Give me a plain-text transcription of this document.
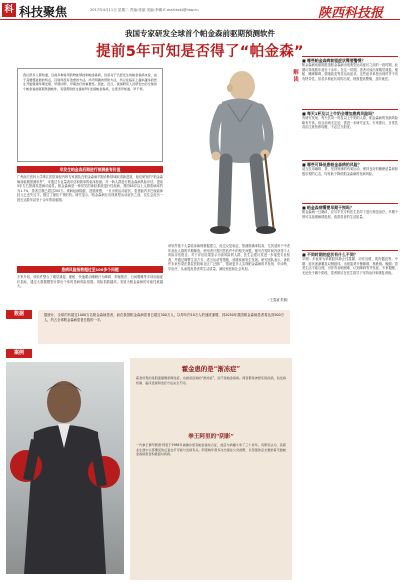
科 科技聚焦	2017年4月11日 星期二 责编:张丽 美编:李娜 E-mail:sxkj@hsw.cn	陕西科技报
我国专家研发全球首个帕金森前驱期预测软件
提前5年可知是否得了“帕金森”

我们很多人都知道，目前多种常用药物能够控制帕金森病，但是对于已经发生的帕金森病来说，由于其缓慢进展的特点，目前尚没有治愈的方法，尚无明确的预防方法，所以在临床上越来越多的医生开始强调早期发现、早期诊断、早期治疗的重要性。因此，近日，我国研究人员研发出的全球首个帕金森前驱期预测软件，有望帮助医生提前5年发现帕金森病，让患者早知道、早干预。

早发生帕金森后期进行预测最有价值

广州南方医科大学珠江医院神经内科专家团队在帕金森病早期诊断领域取得新进展，他们研发的“帕金森病前驱期预测软件”，可通过专业量表评估和简单的临床检测，对一般人群进行帕金森病风险评估，提前5年左右预测其患病可能性。帕金森病是一种常见的神经系统退行性疾病，我国65岁以上人群患病率约为1.7%，患者总数已超过200万。该病起病隐匿，进展缓慢，一旦出现运动症状，患者脑内多巴胺能神经元已丢失过半，错过了最佳干预时机。研究显示，帕金森病在出现典型运动症状之前，往往会经历一段长达数年甚至十余年的前驱期。

患病风险指数超过至100多个问题

专家介绍，该软件整合了嗅觉减退、便秘、快速眼动睡眠行为障碍、抑郁焦虑、日间嗜睡等多项前驱症状指标，通过大数据模型计算出个体的患病风险指数。风险指数越高，发展为帕金森病的可能性就越大。

该软件基于大量临床病例数据建立，经过反复验证，预测准确率较高，尤其适用于中老年高危人群的早期筛查。使用者只需回答软件中的相关问题，便可在短时间内获得个人风险评估报告。对于评估结果显示为高风险的人群，医生会建议其进一步接受专业检查，并通过调整生活方式、适当运动等措施，延缓疾病发生发展。研究团队表示，该软件未来有望在基层医院和社区广泛推广，帮助更多人实现帕金森病的早发现、早诊断、早治疗，从而提高患者的生活质量，减轻家庭和社会负担。

（王蓬斌 供稿）
解读
■ 哪些帕金森病前驱症状需要警惕？

帕金森病前驱期是指帕金森病出现典型运动症状之前的一段时期，此期可持续数年甚至十余年。在这一时期，患者可能出现嗅觉减退、便秘、睡眠障碍、情绪改变等非运动症状。这些症状单独出现时并不具有特异性，但若多种症状同时出现，则需提高警惕，及时就医。

■ 每天1杯及以上牛奶会增加患病风险吗？

有研究发现，每天饮用一杯及以上牛奶的人群，帕金森病的发病风险略有升高，但目前尚无定论，需进一步研究证实。专家建议，日常饮食应注意营养均衡，不必过分担忧。

■ 哪些可降低患帕金森病的风险？

适当饮用咖啡、茶，坚持规律的有氧运动，保持良好的睡眠质量和积极乐观的心态，均有助于降低帕金森病的发病风险。

■ 帕金森病需要早期干预吗？

帕金森病一旦确诊，应尽早在专科医生指导下进行规范治疗。早期干预可以延缓病情进展，改善患者的生活质量。

■ 不同时期的症状有什么不同？

早期：多表现为单侧肢体静止性震颤、动作迟缓、肌肉僵直等。中期：症状逐渐累及双侧肢体，出现姿势平衡障碍，易跌倒。晚期：患者生活不能自理，可伴有吞咽困难、认知障碍等并发症。专家提醒，无论处于哪个阶段，患者都应在医生指导下坚持治疗和康复训练。

数据	据统计，全球约有超过1000万名帕金森病患者，而在我国帕金森病患者已超过300万人，以每年约10万人的速度递增，到2030年我国帕金森病患者将达到500万人，约占全球帕金森病患者总数的一半。

案例
霍金患的是“渐冻症”

霍金所患的是肌萎缩侧索硬化症，也就是俗称的“渐冻症”，而不是帕金森病。两者都是神经系统疾病，但发病机制、临床表现和治疗方法完全不同。

拳王阿里的“阴影”

一代拳王穆罕默德·阿里于1984年被确诊患有帕金森综合征，此后与病魔斗争了三十余年。有研究认为，其职业生涯中头部遭受的反复击打可能与发病有关。阿里晚年曾多次出现在公众视野，以坚强的意志激励着无数帕金森病患者积极面对疾病。
